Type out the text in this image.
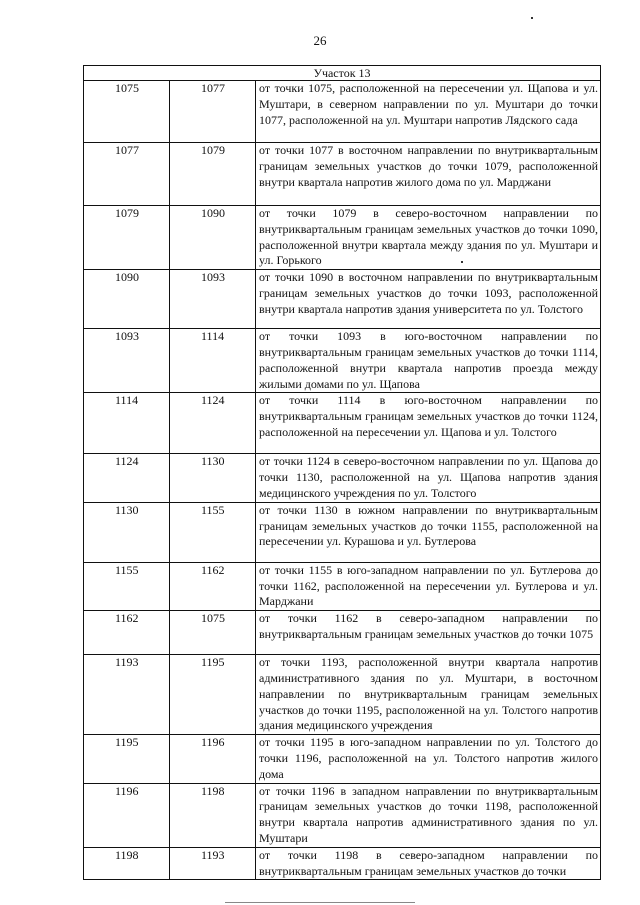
26
Участок 13		
1075	1077	от точки 1075, расположенной на пересечении ул. Щапова и ул. Муштари, в северном направлении по ул. Муштари до точки 1077, расположенной на ул. Муштари напротив Лядского сада
1077	1079	от точки 1077 в восточном направлении по внутриквартальным границам земельных участков до точки 1079, расположенной внутри квартала напротив жилого дома по ул. Марджани
1079	1090	от точки 1079 в северо-восточном направлении по внутриквартальным границам земельных участков до точки 1090, расположенной внутри квартала между здания по ул. Муштари и ул. Горького
1090	1093	от точки 1090 в восточном направлении по внутриквартальным границам земельных участков до точки 1093, расположенной внутри квартала напротив здания университета по ул. Толстого
1093	1114	от точки 1093 в юго-восточном направлении по внутриквартальным границам земельных участков до точки 1114, расположенной внутри квартала напротив проезда между жилыми домами по ул. Щапова
1114	1124	от точки 1114 в юго-восточном направлении по внутриквартальным границам земельных участков до точки 1124, расположенной на пересечении ул. Щапова и ул. Толстого
1124	1130	от точки 1124 в северо-восточном направлении по ул. Щапова до точки 1130, расположенной на ул. Щапова напротив здания медицинского учреждения по ул. Толстого
1130	1155	от точки 1130 в южном направлении по внутриквартальным границам земельных участков до точки 1155, расположенной на пересечении ул. Курашова и ул. Бутлерова
1155	1162	от точки 1155 в юго-западном направлении по ул. Бутлерова до точки 1162, расположенной на пересечении ул. Бутлерова и ул. Марджани
1162	1075	от точки 1162 в северо-западном направлении по внутриквартальным границам земельных участков до точки 1075
1193	1195	от точки 1193, расположенной внутри квартала напротив административного здания по ул. Муштари, в восточном направлении по внутриквартальным границам земельных участков до точки 1195, расположенной на ул. Толстого напротив здания медицинского учреждения
1195	1196	от точки 1195 в юго-западном направлении по ул. Толстого до точки 1196, расположенной на ул. Толстого напротив жилого дома
1196	1198	от точки 1196 в западном направлении по внутриквартальным границам земельных участков до точки 1198, расположенной внутри квартала напротив административного здания по ул. Муштари
1198	1193	от точки 1198 в северо-западном направлении по внутриквартальным границам земельных участков до точки
